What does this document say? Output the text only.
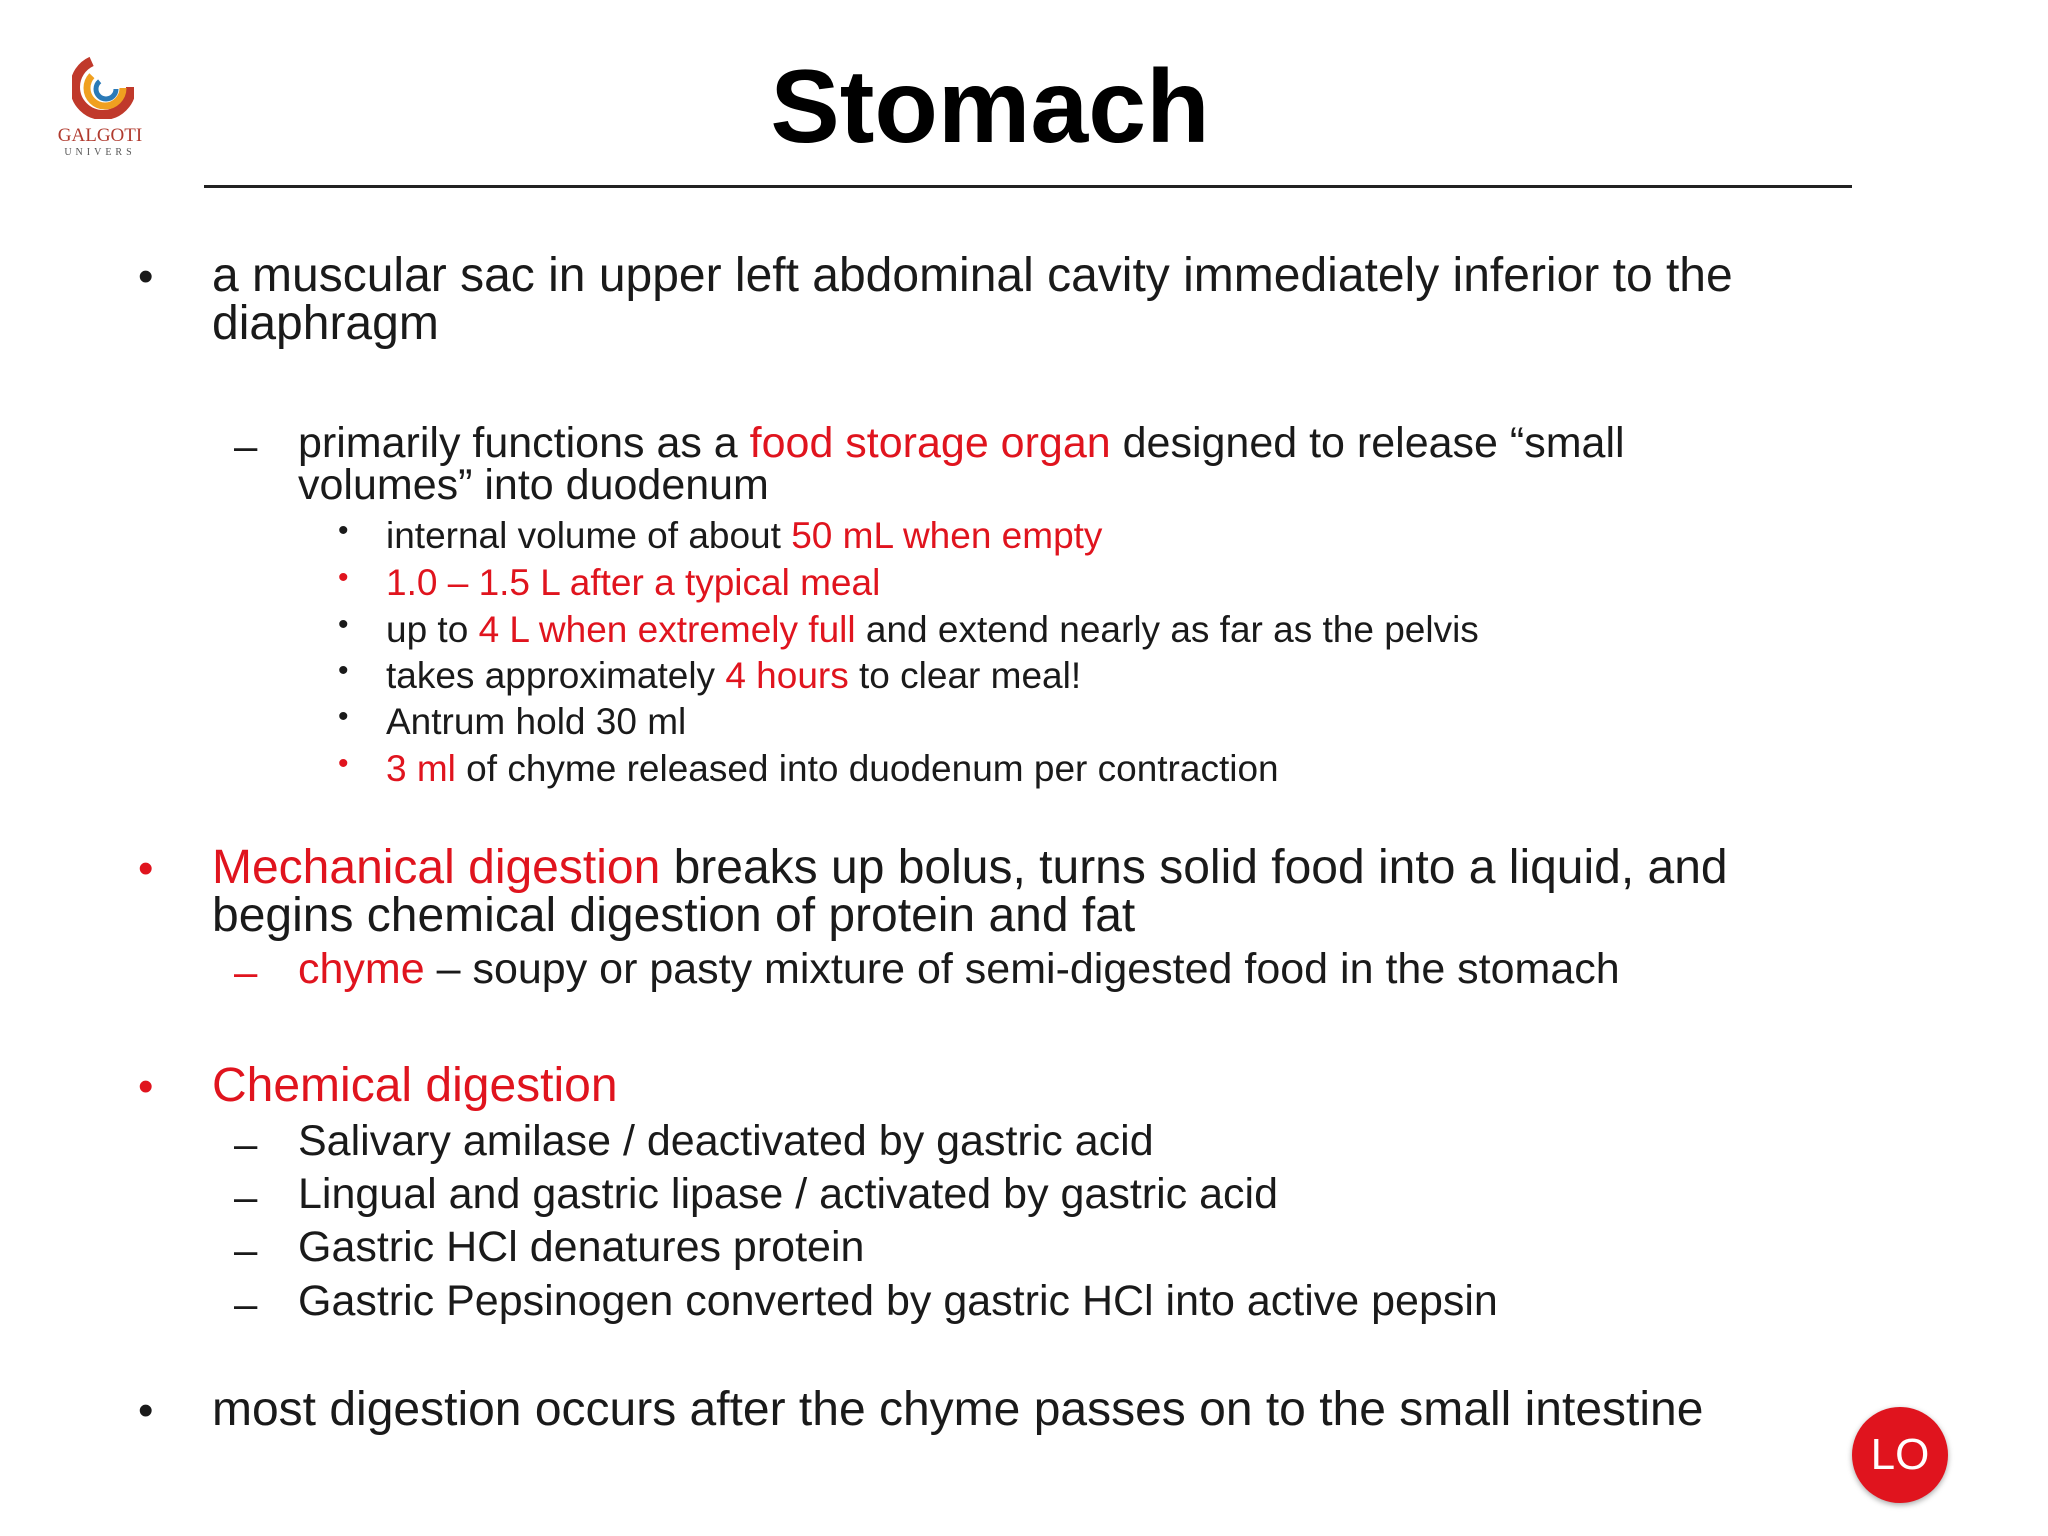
GALGOTI
UNIVERS	Stomach
• a muscular sac in upper left abdominal cavity immediately inferior to the diaphragm
– primarily functions as a food storage organ designed to release “small volumes” into duodenum
• internal volume of about 50 mL when empty
• 1.0 – 1.5 L after a typical meal
• up to 4 L when extremely full and extend nearly as far as the pelvis
• takes approximately 4 hours to clear meal!
• Antrum hold 30 ml
• 3 ml of chyme released into duodenum per contraction
• Mechanical digestion breaks up bolus, turns solid food into a liquid, and begins chemical digestion of protein and fat
– chyme – soupy or pasty mixture of semi-digested food in the stomach
• Chemical digestion
– Salivary amilase / deactivated by gastric acid
– Lingual and gastric lipase / activated by gastric acid
– Gastric HCl denatures protein
– Gastric Pepsinogen converted by gastric HCl into active pepsin
• most digestion occurs after the chyme passes on to the small intestine
LO
